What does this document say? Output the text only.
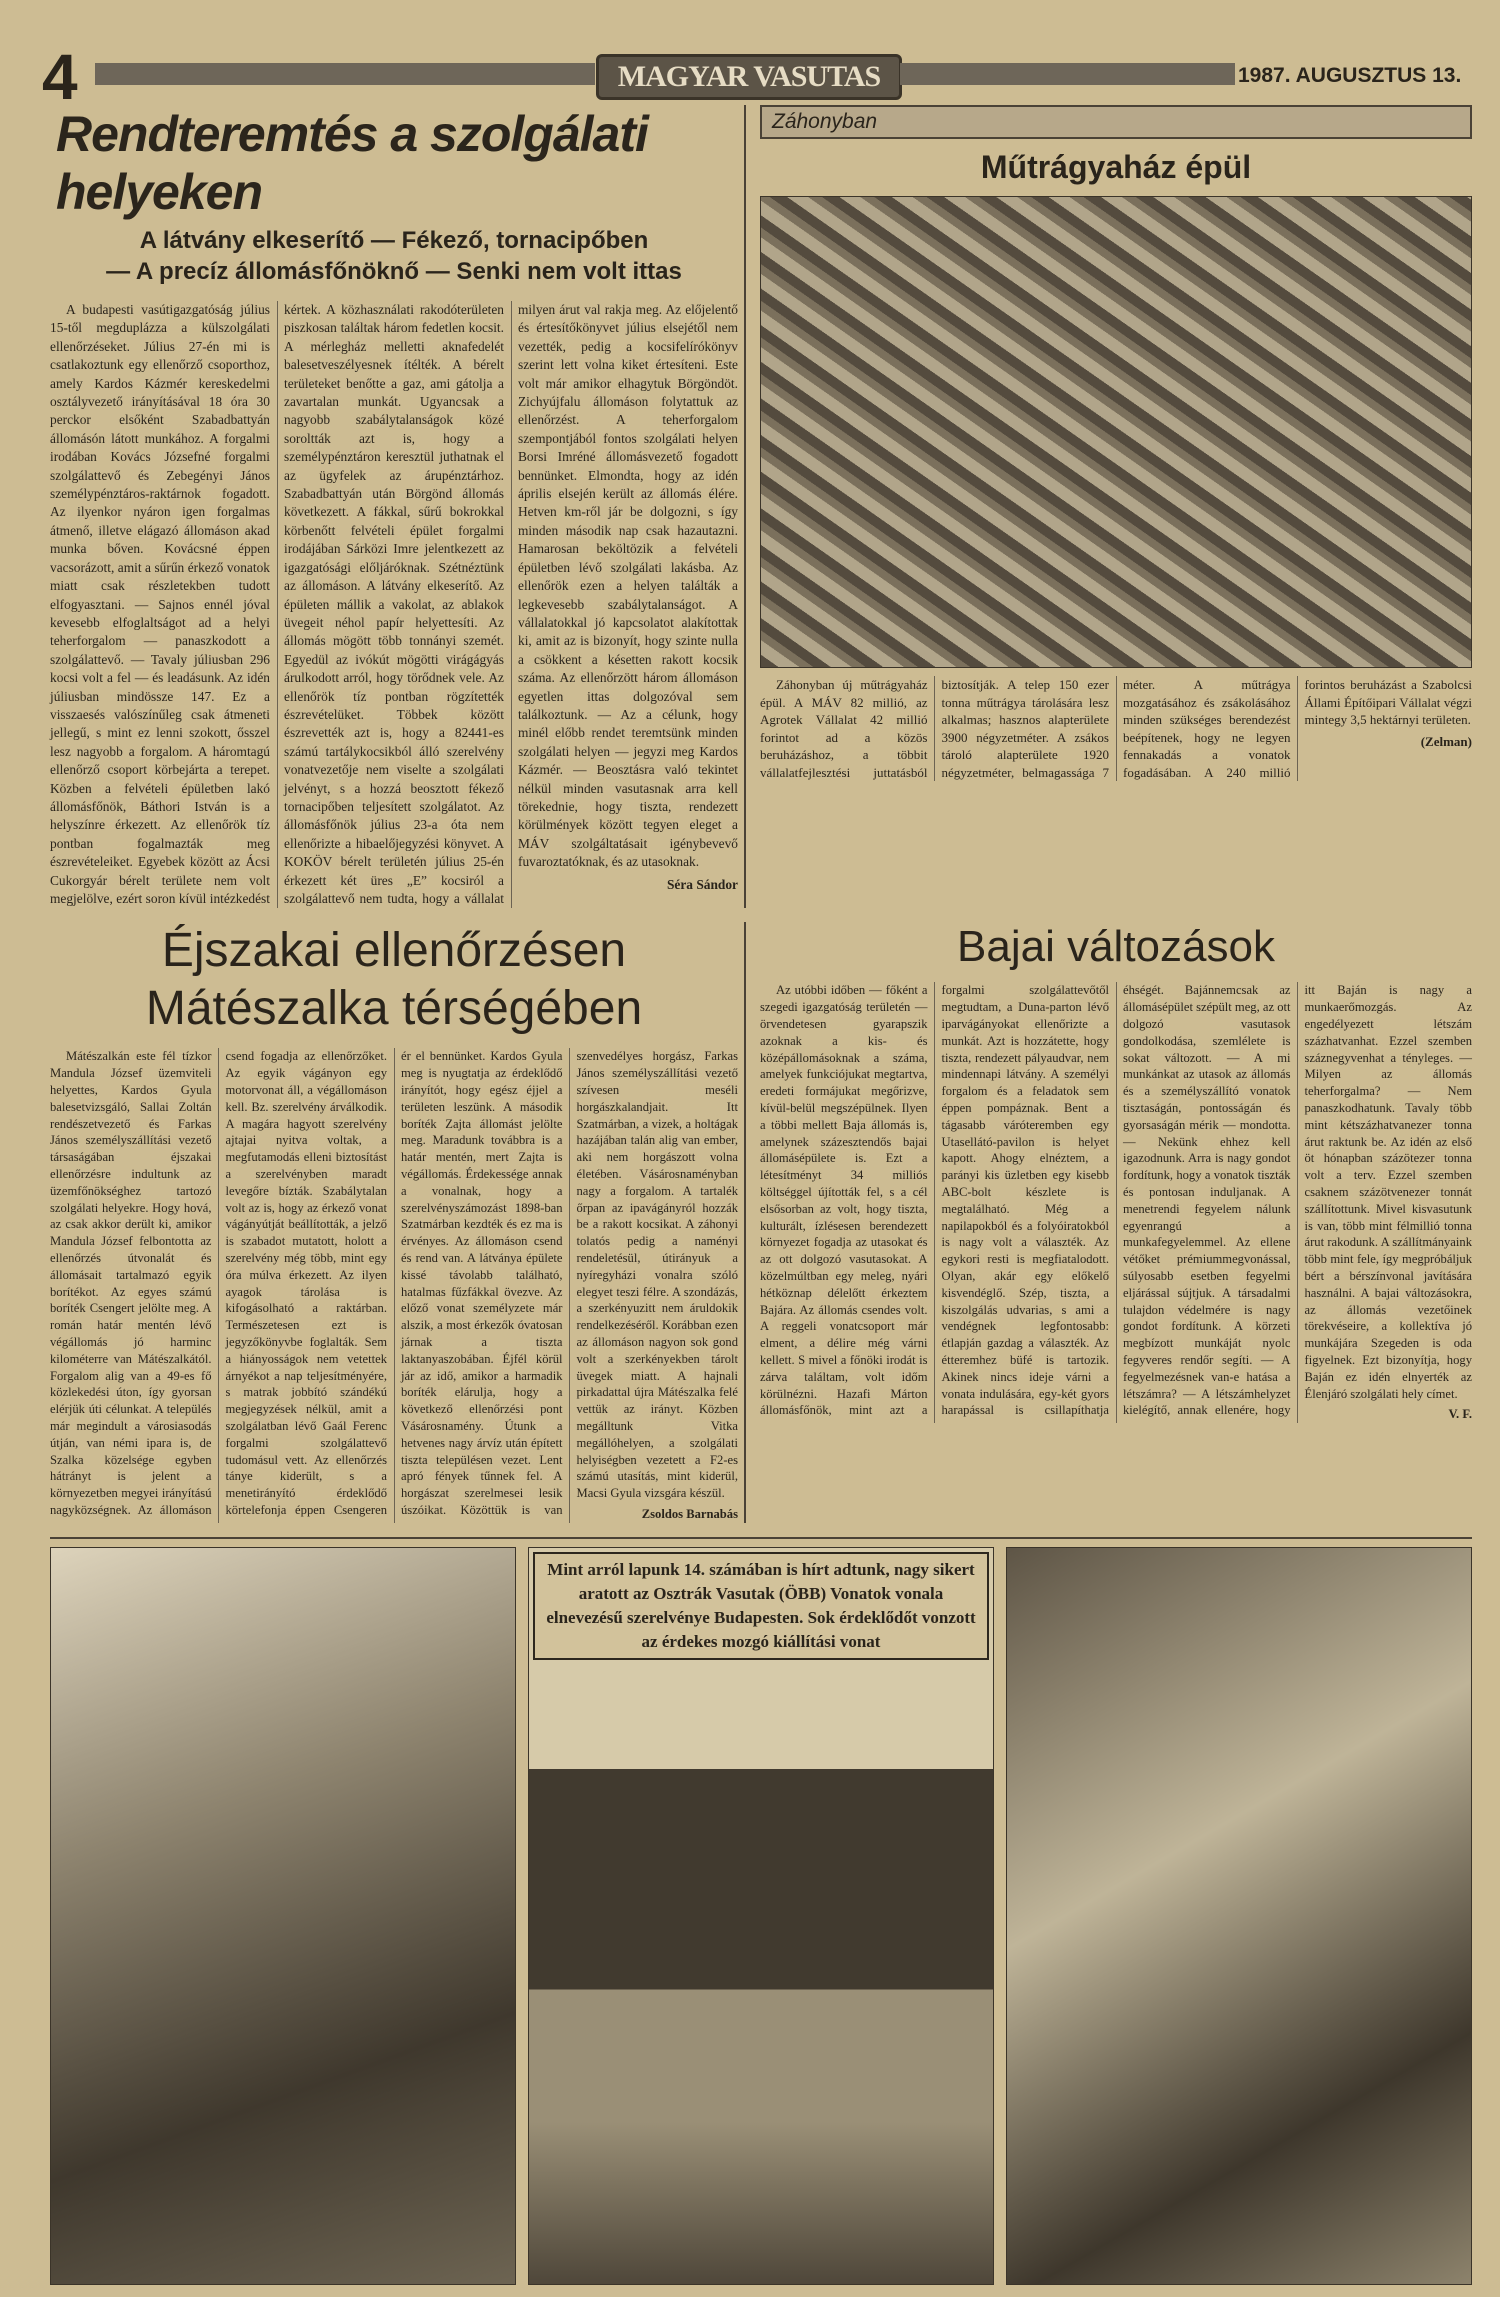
4	MAGYAR VASUTAS	1987. AUGUSZTUS 13.
Rendteremtés a szolgálati helyeken
A látvány elkeserítő — Fékező, tornacipőben
— A precíz állomásfőnöknő — Senki nem volt ittas

A budapesti vasútigazgatóság július 15-től megduplázza a külszolgálati ellenőrzéseket. Július 27-én mi is csatlakoztunk egy ellenőrző csoporthoz, amely Kardos Kázmér kereskedelmi osztályvezető irányításával 18 óra 30 perckor elsőként Szabadbattyán állomásón látott munkához. A forgalmi irodában Kovács Józsefné forgalmi szolgálattevő és Zebegényi János személypénztáros-raktárnok fogadott. Az ilyenkor nyáron igen forgalmas átmenő, illetve elágazó állomáson akad munka bőven. Kovácsné éppen vacsorázott, amit a sűrűn érkező vonatok miatt csak részletekben tudott elfogyasztani. — Sajnos ennél jóval kevesebb elfoglaltságot ad a helyi teherforgalom — panaszkodott a szolgálattevő. — Tavaly júliusban 296 kocsi volt a fel — és leadásunk. Az idén júliusban mindössze 147. Ez a visszaesés valószínűleg csak átmeneti jellegű, s mint ez lenni szokott, ősszel lesz nagyobb a forgalom. A háromtagú ellenőrző csoport körbejárta a terepet. Közben a felvételi épületben lakó állomásfőnök, Báthori István is a helyszínre érkezett. Az ellenőrök tíz pontban fogalmazták meg észrevételeiket. Egyebek között az Ácsi Cukorgyár bérelt területe nem volt megjelölve, ezért soron kívül intézkedést kértek. A közhasználati rakodóterületen piszkosan találtak három fedetlen kocsit. A mérlegház melletti aknafedelét balesetveszélyesnek ítélték. A bérelt területeket benőtte a gaz, ami gátolja a zavartalan munkát. Ugyancsak a nagyobb szabálytalanságok közé soroltták azt is, hogy a személypénztáron keresztül juthatnak el az ügyfelek az árupénztárhoz. Szabadbattyán után Börgönd állomás következett. A fákkal, sűrű bokrokkal körbenőtt felvételi épület forgalmi irodájában Sárközi Imre jelentkezett az igazgatósági előljáróknak. Szétnéztünk az állomáson. A látvány elkeserítő. Az épületen mállik a vakolat, az ablakok üvegeit néhol papír helyettesíti. Az állomás mögött több tonnányi szemét. Egyedül az ivókút mögötti virágágyás árulkodott arról, hogy törődnek vele. Az ellenőrök tíz pontban rögzítették észrevételüket. Többek között észrevették azt is, hogy a 82441-es számú tartálykocsikból álló szerelvény vonatvezetője nem viselte a szolgálati jelvényt, s a hozzá beosztott fékező tornacipőben teljesített szolgálatot. Az állomásfőnök július 23-a óta nem ellenőrizte a hibaelőjegyzési könyvet. A KOKÖV bérelt területén július 25-én érkezett két üres „E” kocsiról a szolgálattevő nem tudta, hogy a vállalat milyen árut val rakja meg. Az előjelentő és értesítőkönyvet július elsejétől nem vezették, pedig a kocsifelírókönyv szerint lett volna kiket értesíteni. Este volt már amikor elhagytuk Börgöndöt. Zichyújfalu állomáson folytattuk az ellenőrzést. A teherforgalom szempontjából fontos szolgálati helyen Borsi Imréné állomásvezető fogadott bennünket. Elmondta, hogy az idén április elsején került az állomás élére. Hetven km-ről jár be dolgozni, s így minden második nap csak hazautazni. Hamarosan beköltözik a felvételi épületben lévő szolgálati lakásba. Az ellenőrök ezen a helyen találták a legkevesebb szabálytalanságot. A vállalatokkal jó kapcsolatot alakítottak ki, amit az is bizonyít, hogy szinte nulla a csökkent a késetten rakott kocsik száma. Az ellenőrzött három állomáson egyetlen ittas dolgozóval sem találkoztunk. — Az a célunk, hogy minél előbb rendet teremtsünk minden szolgálati helyen — jegyzi meg Kardos Kázmér. — Beosztásra való tekintet nélkül minden vasutasnak arra kell törekednie, hogy tiszta, rendezett körülmények között tegyen eleget a MÁV szolgáltatásait igénybevevő fuvaroztatóknak, és az utasoknak.

Séra Sándor

Záhonyban
Műtrágyaház épül

Záhonyban új műtrágyaház épül. A MÁV 82 millió, az Agrotek Vállalat 42 millió forintot ad a közös beruházáshoz, a többit vállalatfejlesztési juttatásból biztosítják. A telep 150 ezer tonna műtrágya tárolására lesz alkalmas; hasznos alapterülete 3900 négyzetméter. A zsákos tároló alapterülete 1920 négyzetméter, belmagassága 7 méter. A műtrágya mozgatásához és zsákolásához minden szükséges berendezést beépítenek, hogy ne legyen fennakadás a vonatok fogadásában. A 240 millió forintos beruházást a Szabolcsi Állami Építőipari Vállalat végzi mintegy 3,5 hektárnyi területen.

(Zelman)

Éjszakai ellenőrzésen
Mátészalka térségében

Mátészalkán este fél tízkor Mandula József üzemviteli helyettes, Kardos Gyula balesetvizsgáló, Sallai Zoltán rendészetvezető és Farkas János személyszállítási vezető társaságában éjszakai ellenőrzésre indultunk az üzemfőnökséghez tartozó szolgálati helyekre. Hogy hová, az csak akkor derült ki, amikor Mandula József felbontotta az ellenőrzés útvonalát és állomásait tartalmazó egyik borítékot. Az egyes számú boríték Csengert jelölte meg. A román határ mentén lévő végállomás jó harminc kilométerre van Mátészalkától. Forgalom alig van a 49-es fő közlekedési úton, így gyorsan elérjük úti célunkat. A település már megindult a városiasodás útján, van némi ipara is, de Szalka közelsége egyben hátrányt is jelent a környezetben megyei irányítású nagyközségnek. Az állomáson csend fogadja az ellenőrzőket. Az egyik vágányon egy motorvonat áll, a végállomáson kell. Bz. szerelvény árválkodik. A magára hagyott szerelvény ajtajai nyitva voltak, a megfutamodás elleni biztosítást a szerelvényben maradt levegőre bízták. Szabálytalan volt az is, hogy az érkező vonat vágányútját beállították, a jelző is szabadot mutatott, holott a szerelvény még több, mint egy óra múlva érkezett. Az ilyen ayagok tárolása is kifogásolható a raktárban. Természetesen ezt is jegyzőkönyvbe foglalták. Sem a hiányosságok nem vetettek árnyékot a nap teljesítményére, s matrak jobbító szándékú megjegyzések nélkül, amit a szolgálatban lévő Gaál Ferenc forgalmi szolgálattevő tudomásul vett. Az ellenőrzés tánye kiderült, s a menetirányító érdeklődő körtelefonja éppen Csengeren ér el bennünket. Kardos Gyula meg is nyugtatja az érdeklődő irányítót, hogy egész éjjel a területen leszünk. A második boríték Zajta állomást jelölte meg. Maradunk továbbra is a határ mentén, mert Zajta is végállomás. Érdekessége annak a vonalnak, hogy a szerelvényszámozást 1898-ban Szatmárban kezdték és ez ma is érvényes. Az állomáson csend és rend van. A látványa épülete kissé távolabb található, hatalmas fűzfákkal övezve. Az előző vonat személyzete már alszik, a most érkezők óvatosan járnak a tiszta laktanyaszobában. Éjfél körül jár az idő, amikor a harmadik boríték elárulja, hogy a következő ellenőrzési pont Vásárosnamény. Útunk a hetvenes nagy árvíz után épített tiszta településen vezet. Lent apró fények tűnnek fel. A horgászat szerelmesei lesik úszóikat. Közöttük is van szenvedélyes horgász, Farkas János személyszállítási vezető szívesen meséli horgászkalandjait. Itt Szatmárban, a vizek, a holtágak hazájában talán alig van ember, aki nem horgászott volna életében. Vásárosnaményban nagy a forgalom. A tartalék őrpan az ipavágányról hozzák be a rakott kocsikat. A záhonyi tolatós pedig a naményi rendeletésül, útirányuk a nyíregyházi vonalra szóló elegyet teszi félre. A szondázás, a szerkényuzitt nem áruldokik rendelkezéséről. Korábban ezen az állomáson nagyon sok gond volt a szerkényekben tárolt üvegek miatt. A hajnali pirkadattal újra Mátészalka felé vettük az irányt. Közben megálltunk Vitka megállóhelyen, a szolgálati helyiségben vezetett a F2-es számú utasítás, mint kiderül, Macsi Gyula vizsgára készül.

Zsoldos Barnabás

Bajai változások

Az utóbbi időben — főként a szegedi igazgatóság területén — örvendetesen gyarapszik azoknak a kis- és középállomásoknak a száma, amelyek funkciójukat megtartva, eredeti formájukat megőrizve, kívül-belül megszépülnek. Ilyen a többi mellett Baja állomás is, amelynek százesztendős bajai állomásépülete is. Ezt a létesítményt 34 milliós költséggel újították fel, s a cél elsősorban az volt, hogy tiszta, kulturált, ízlésesen berendezett környezet fogadja az utasokat és az ott dolgozó vasutasokat. A közelmúltban egy meleg, nyári hétköznap délelőtt érkeztem Bajára. Az állomás csendes volt. A reggeli vonatcsoport már elment, a délire még várni kellett. S mivel a főnöki irodát is zárva találtam, volt időm körülnézni. Hazafi Márton állomásfőnök, mint azt a forgalmi szolgálattevőtől megtudtam, a Duna-parton lévő iparvágányokat ellenőrizte a munkát. Azt is hozzátette, hogy tiszta, rendezett pályaudvar, nem mindennapi látvány. A személyi forgalom és a feladatok sem éppen pompáznak. Bent a tágasabb váróteremben egy Utasellátó-pavilon is helyet kapott. Ahogy elnéztem, a parányi kis üzletben egy kisebb ABC-bolt készlete is megtalálható. Még a napilapokból és a folyóiratokból is nagy volt a választék. Az egykori resti is megfiatalodott. Olyan, akár egy előkelő kisvendéglő. Szép, tiszta, a kiszolgálás udvarias, s ami a vendégnek legfontosabb: étlapján gazdag a választék. Az étteremhez büfé is tartozik. Akinek nincs ideje várni a vonata indulására, egy-két gyors harapással is csillapíthatja éhségét. Bajánnemcsak az állomásépület szépült meg, az ott dolgozó vasutasok gondolkodása, szemlélete is sokat változott. — A mi munkánkat az utasok az állomás és a személyszállító vonatok tisztaságán, pontosságán és gyorsaságán mérik — mondotta. — Nekünk ehhez kell igazodnunk. Arra is nagy gondot fordítunk, hogy a vonatok tiszták és pontosan induljanak. A menetrendi fegyelem nálunk egyenrangú a munkafegyelemmel. Az ellene vétőket prémiummegvonással, súlyosabb esetben fegyelmi eljárással sújtjuk. A társadalmi tulajdon védelmére is nagy gondot fordítunk. A körzeti megbízott munkáját nyolc fegyveres rendőr segíti. — A fegyelmezésnek van-e hatása a létszámra? — A létszámhelyzet kielégítő, annak ellenére, hogy itt Baján is nagy a munkaerőmozgás. Az engedélyezett létszám százhatvanhat. Ezzel szemben száznegyvenhat a tényleges. — Milyen az állomás teherforgalma? — Nem panaszkodhatunk. Tavaly több mint kétszázhatvanezer tonna árut raktunk be. Az idén az első öt hónapban százötezer tonna volt a terv. Ezzel szemben csaknem százötvenezer tonnát szállítottunk. Mivel kisvasutunk is van, több mint félmillió tonna árut rakodunk. A szállítmányaink több mint fele, így megpróbáljuk bért a bérszínvonal javítására használni. A bajai változásokra, az állomás vezetőinek törekvéseire, a kollektíva jó munkájára Szegeden is oda figyelnek. Ezt bizonyítja, hogy Baján ez idén elnyerték az Élenjáró szolgálati hely címet.

V. F.

Mint arról lapunk 14. számában is hírt adtunk, nagy sikert aratott az Osztrák Vasutak (ÖBB) Vonatok vonala elnevezésű szerelvénye Budapesten. Sok érdeklődőt vonzott az érdekes mozgó kiállítási vonat
